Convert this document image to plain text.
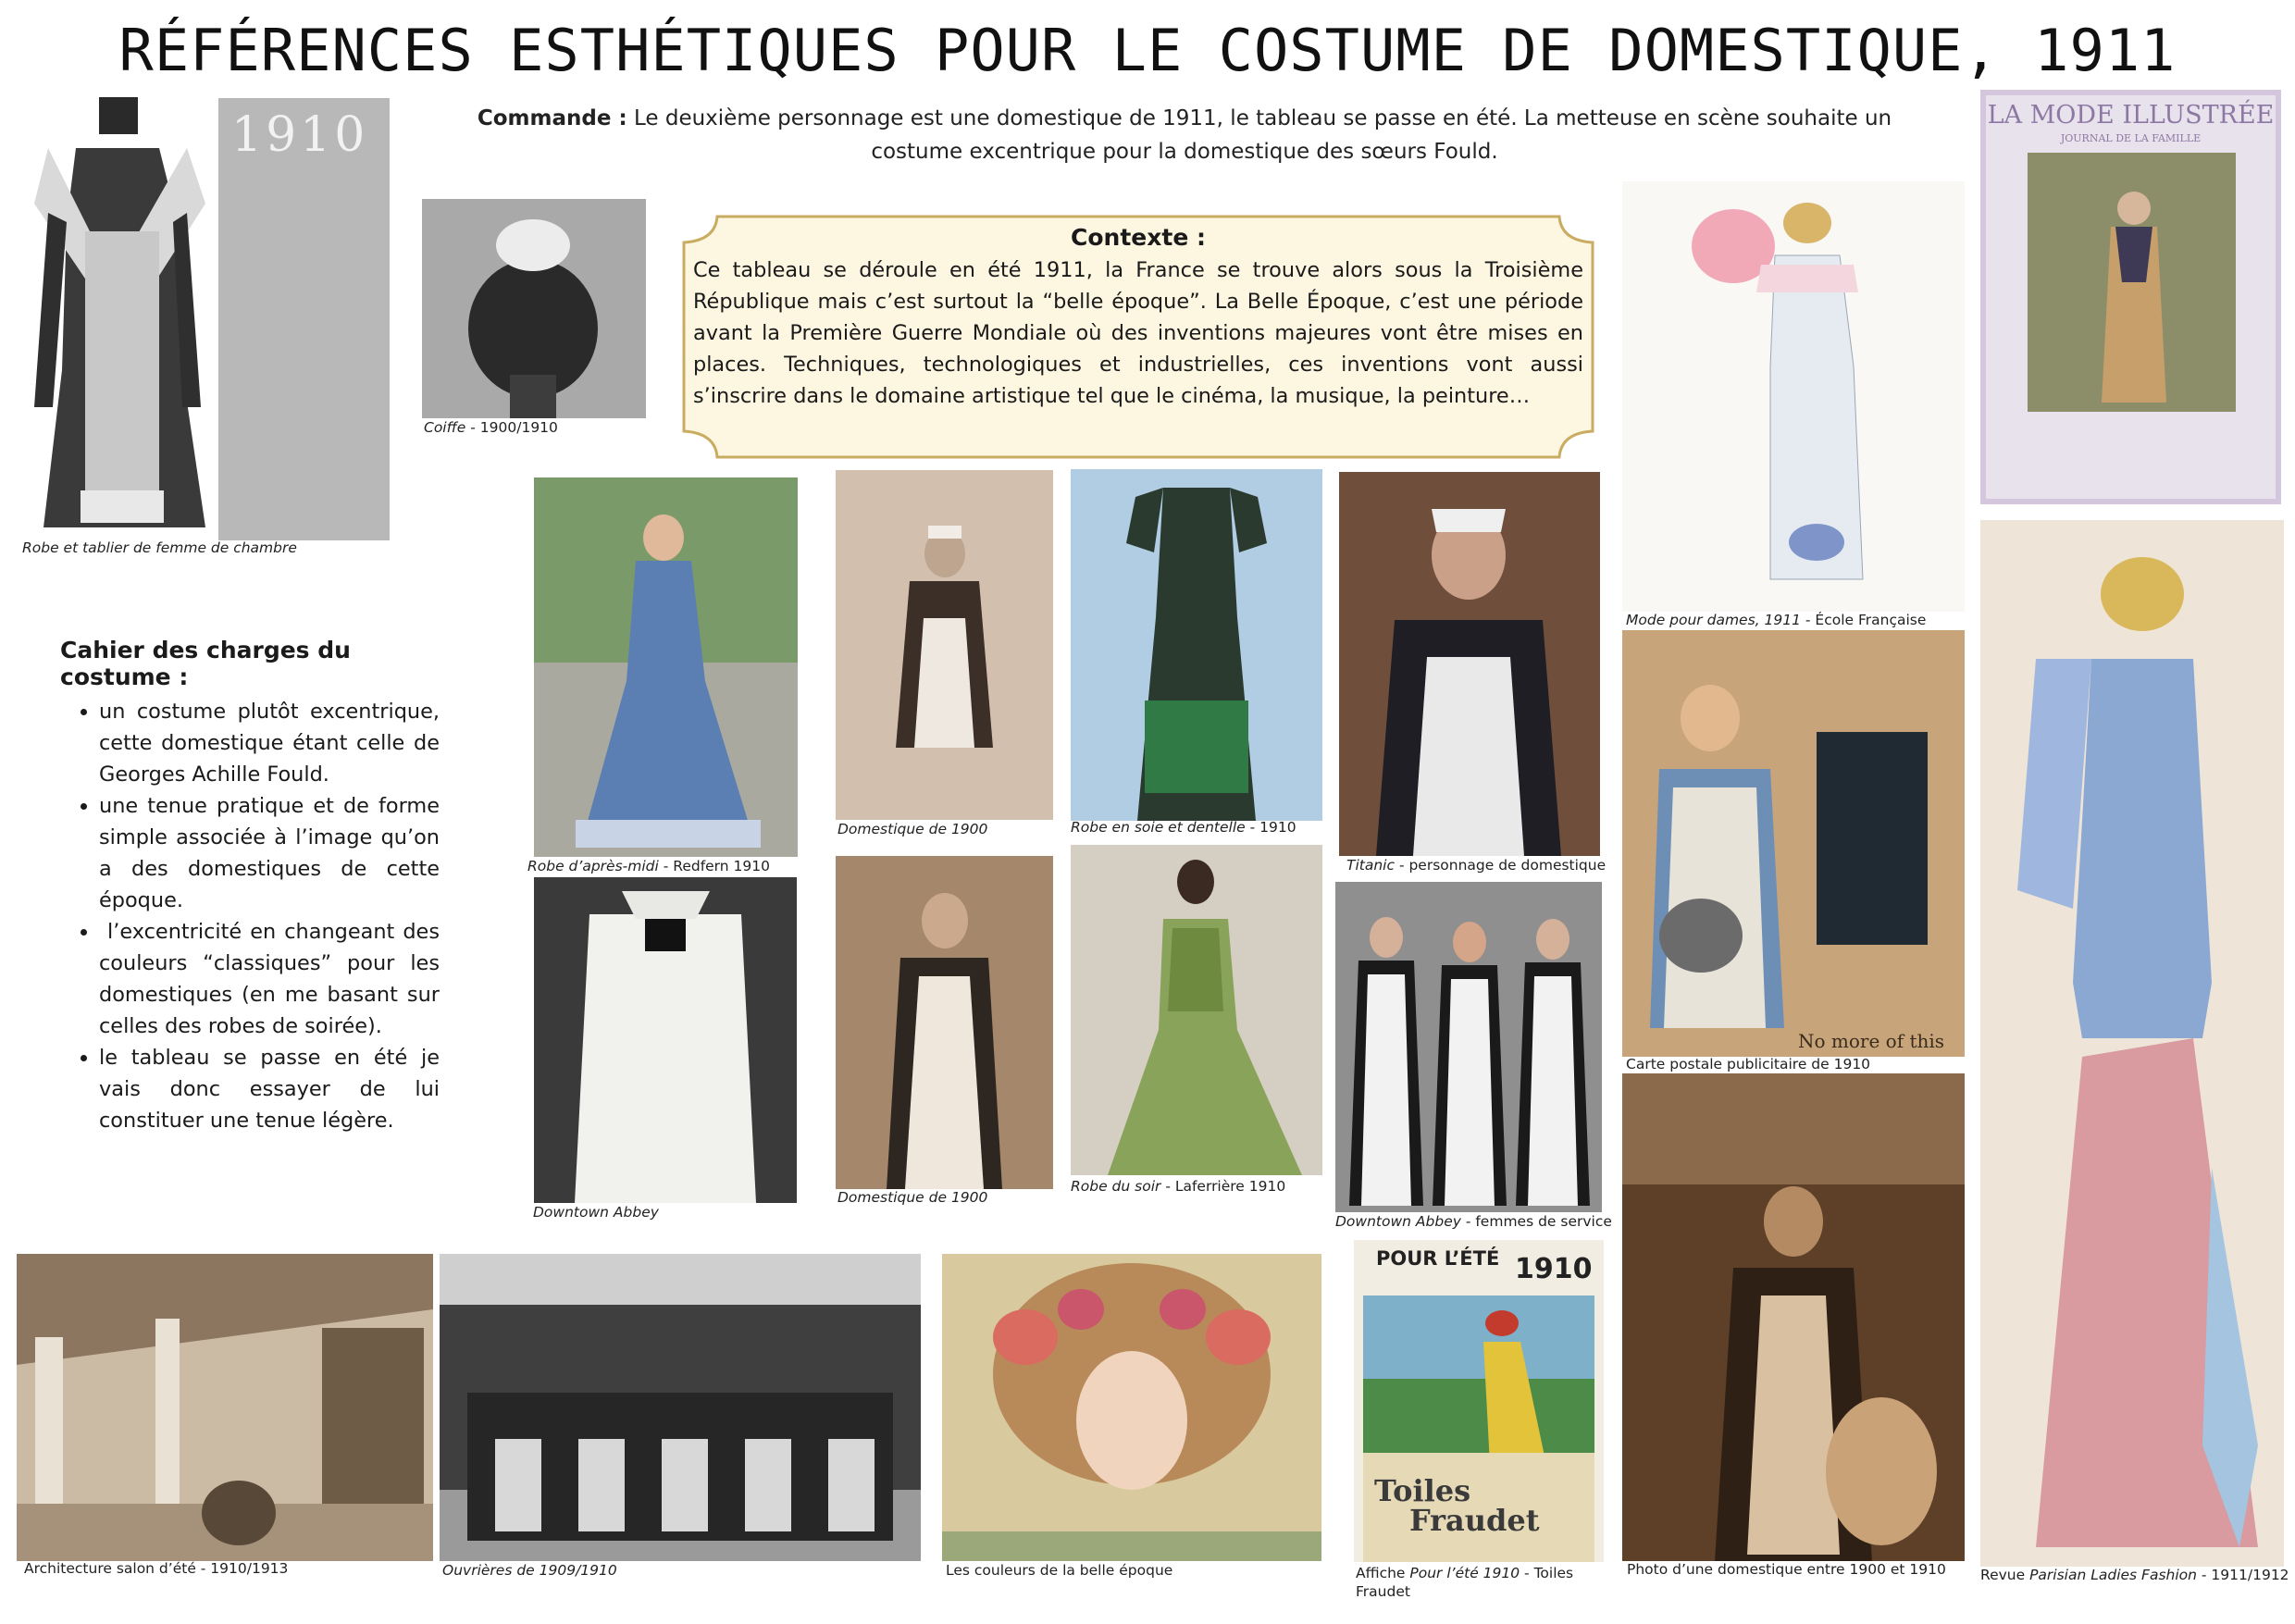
RÉFÉRENCES ESTHÉTIQUES POUR LE COSTUME DE DOMESTIQUE, 1911
Commande : Le deuxième personnage est une domestique de 1911, le tableau se passe en été. La metteuse en scène souhaite un costume excentrique pour la domestique des sœurs Fould.
Contexte :
Ce tableau se déroule en été 1911, la France se trouve alors sous la Troisième République mais c’est surtout la “belle époque”. La Belle Époque, c’est une période avant la Première Guerre Mondiale où des inventions majeures vont être mises en places. Techniques, technologiques et industrielles, ces inventions vont aussi s’inscrire dans le domaine artistique tel que le cinéma, la musique, la peinture…
Cahier des charges du costume :
• un costume plutôt excentrique, cette domestique étant celle de Georges Achille Fould.
• une tenue pratique et de forme simple associée à l’image qu’on a des domestiques de cette époque.
•  l’excentricité en changeant des couleurs “classiques” pour les domestiques (en me basant sur celles des robes de soirée).
• le tableau se passe en été je vais donc essayer de lui constituer une tenue légère.
1910
Robe et tablier de femme de chambre
Coiffe - 1900/1910
Mode pour dames, 1911 - École Française
LA MODE ILLUSTRÉE
JOURNAL DE LA FAMILLE
Robe d’après-midi - Redfern 1910
Domestique de 1900	Robe en soie et dentelle - 1910
Titanic - personnage de domestique
No more of this
Carte postale publicitaire de 1910
Revue Parisian Ladies Fashion - 1911/1912
Downtown Abbey
Domestique de 1900
Robe du soir - Laferrière 1910
Downtown Abbey - femmes de service
Architecture salon d’été - 1910/1913	Ouvrières de 1909/1910	Les couleurs de la belle époque
POUR L’ÉTÉ 1910
Toiles
Fraudet
Affiche Pour l’été 1910 - Toiles Fraudet
Photo d’une domestique entre 1900 et 1910
